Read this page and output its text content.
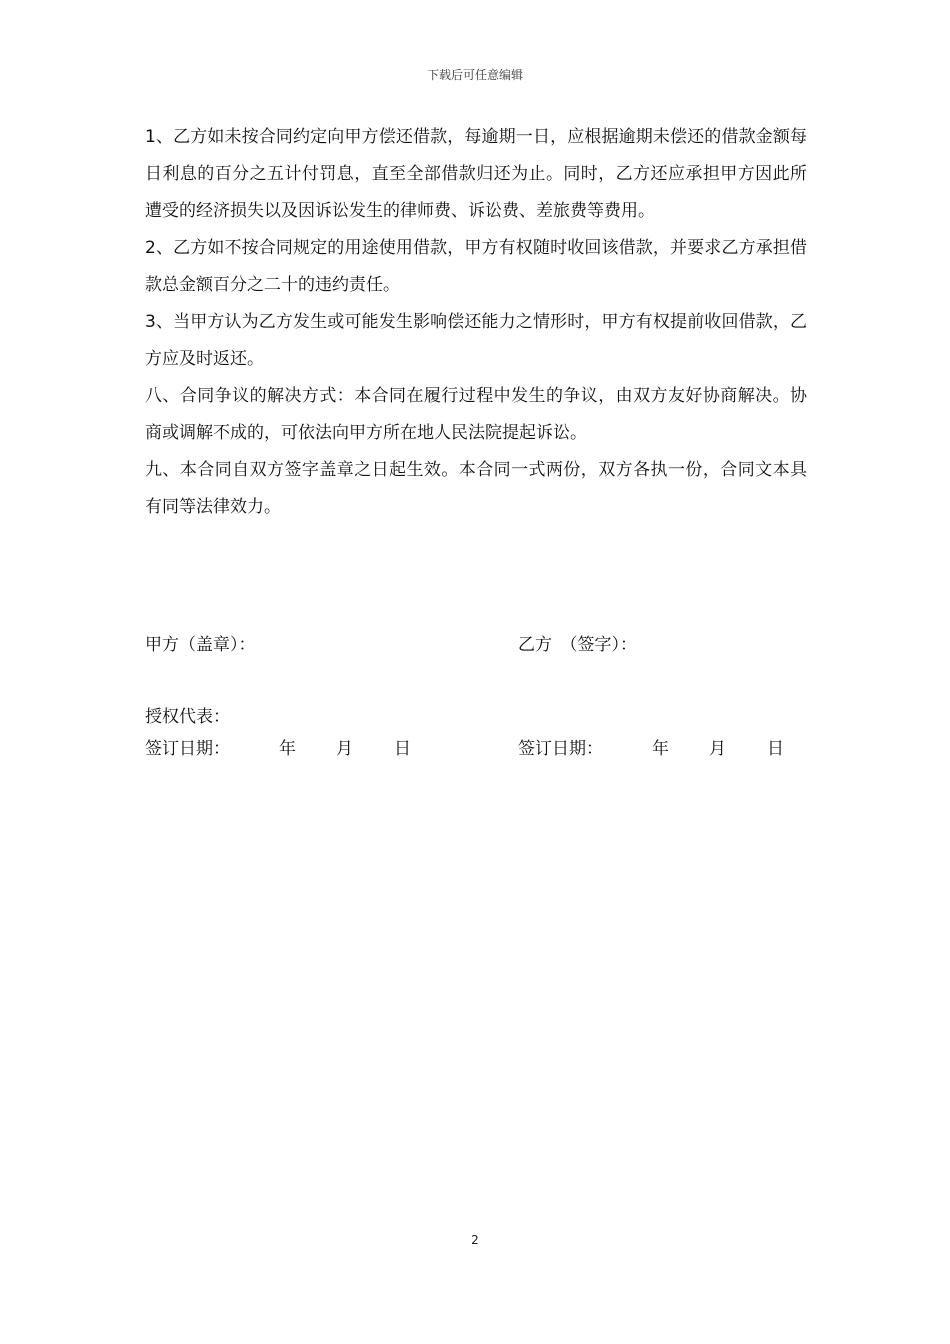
下载后可任意编辑

1、乙方如未按合同约定向甲方偿还借款，每逾期一日，应根据逾期未偿还的借款金额每日利息的百分之五计付罚息，直至全部借款归还为止。同时，乙方还应承担甲方因此所遭受的经济损失以及因诉讼发生的律师费、诉讼费、差旅费等费用。

2、乙方如不按合同规定的用途使用借款，甲方有权随时收回该借款，并要求乙方承担借款总金额百分之二十的违约责任。

3、当甲方认为乙方发生或可能发生影响偿还能力之情形时，甲方有权提前收回借款，乙方应及时返还。

八、合同争议的解决方式：本合同在履行过程中发生的争议，由双方友好协商解决。协商或调解不成的，可依法向甲方所在地人民法院提起诉讼。

九、本合同自双方签字盖章之日起生效。本合同一式两份，双方各执一份，合同文本具有同等法律效力。

甲方（盖章）：	乙方　（签字）：
授权代表：
签订日期：	年 月 日	签订日期：	年 月 日
2
